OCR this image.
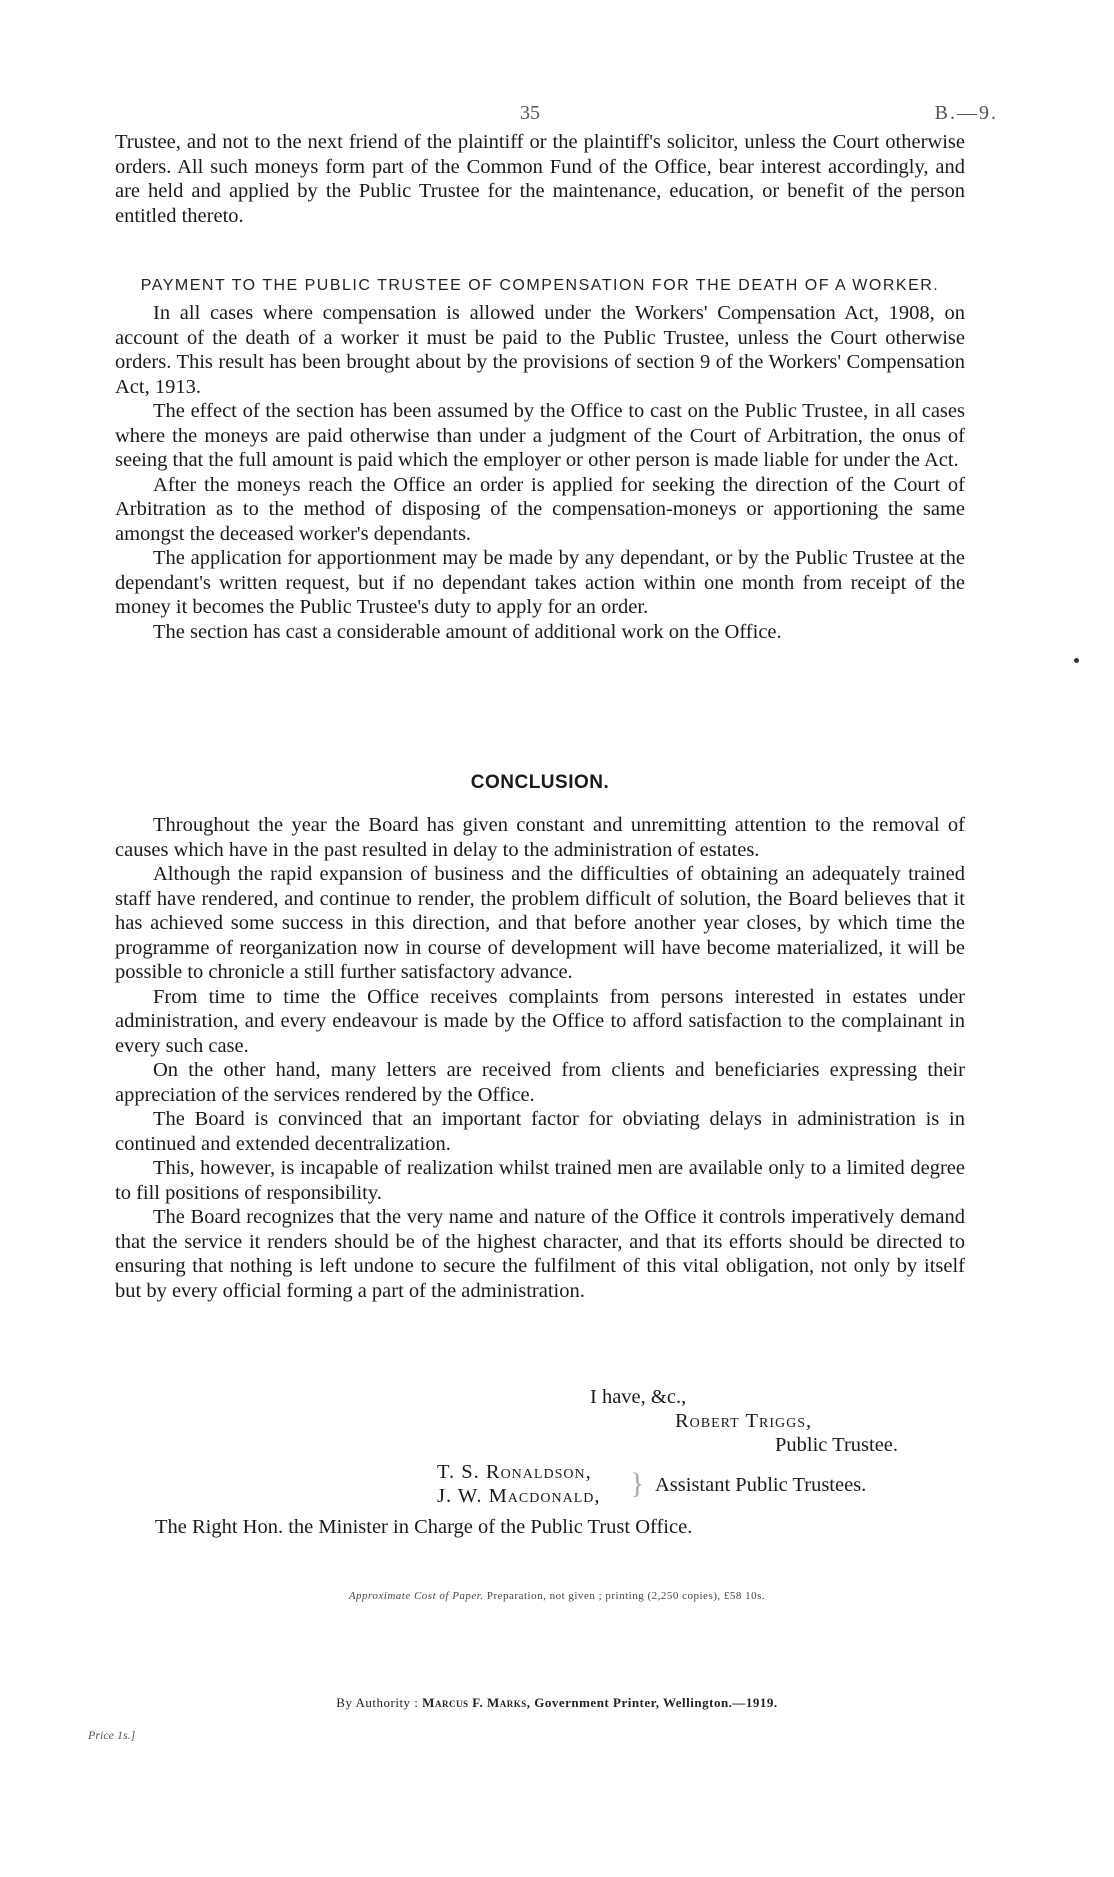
35	B.—9.

Trustee, and not to the next friend of the plaintiff or the plaintiff's solicitor, unless the Court otherwise orders. All such moneys form part of the Common Fund of the Office, bear interest accordingly, and are held and applied by the Public Trustee for the maintenance, education, or benefit of the person entitled thereto.

PAYMENT TO THE PUBLIC TRUSTEE OF COMPENSATION FOR THE DEATH OF A WORKER.

In all cases where compensation is allowed under the Workers' Compensation Act, 1908, on account of the death of a worker it must be paid to the Public Trustee, unless the Court otherwise orders. This result has been brought about by the provisions of section 9 of the Workers' Compensation Act, 1913.

The effect of the section has been assumed by the Office to cast on the Public Trustee, in all cases where the moneys are paid otherwise than under a judgment of the Court of Arbitration, the onus of seeing that the full amount is paid which the employer or other person is made liable for under the Act.

After the moneys reach the Office an order is applied for seeking the direction of the Court of Arbitration as to the method of disposing of the compensation-moneys or apportioning the same amongst the deceased worker's dependants.

The application for apportionment may be made by any dependant, or by the Public Trustee at the dependant's written request, but if no dependant takes action within one month from receipt of the money it becomes the Public Trustee's duty to apply for an order.

The section has cast a considerable amount of additional work on the Office.

CONCLUSION.

Throughout the year the Board has given constant and unremitting attention to the removal of causes which have in the past resulted in delay to the administration of estates.

Although the rapid expansion of business and the difficulties of obtaining an adequately trained staff have rendered, and continue to render, the problem difficult of solution, the Board believes that it has achieved some success in this direction, and that before another year closes, by which time the programme of reorganization now in course of development will have become materialized, it will be possible to chronicle a still further satisfactory advance.

From time to time the Office receives complaints from persons interested in estates under administration, and every endeavour is made by the Office to afford satisfaction to the complainant in every such case.

On the other hand, many letters are received from clients and beneficiaries expressing their appreciation of the services rendered by the Office.

The Board is convinced that an important factor for obviating delays in administration is in continued and extended decentralization.

This, however, is incapable of realization whilst trained men are available only to a limited degree to fill positions of responsibility.

The Board recognizes that the very name and nature of the Office it controls imperatively demand that the service it renders should be of the highest character, and that its efforts should be directed to ensuring that nothing is left undone to secure the fulfilment of this vital obligation, not only by itself but by every official forming a part of the administration.

I have, &c.,
Robert Triggs,
Public Trustee.
T. S. Ronaldson,
J. W. Macdonald, } Assistant Public Trustees.
The Right Hon. the Minister in Charge of the Public Trust Office.
Approximate Cost of Paper. Preparation, not given ; printing (2,250 copies), £58 10s.
By Authority : Marcus F. Marks, Government Printer, Wellington.—1919.
Price 1s.]
